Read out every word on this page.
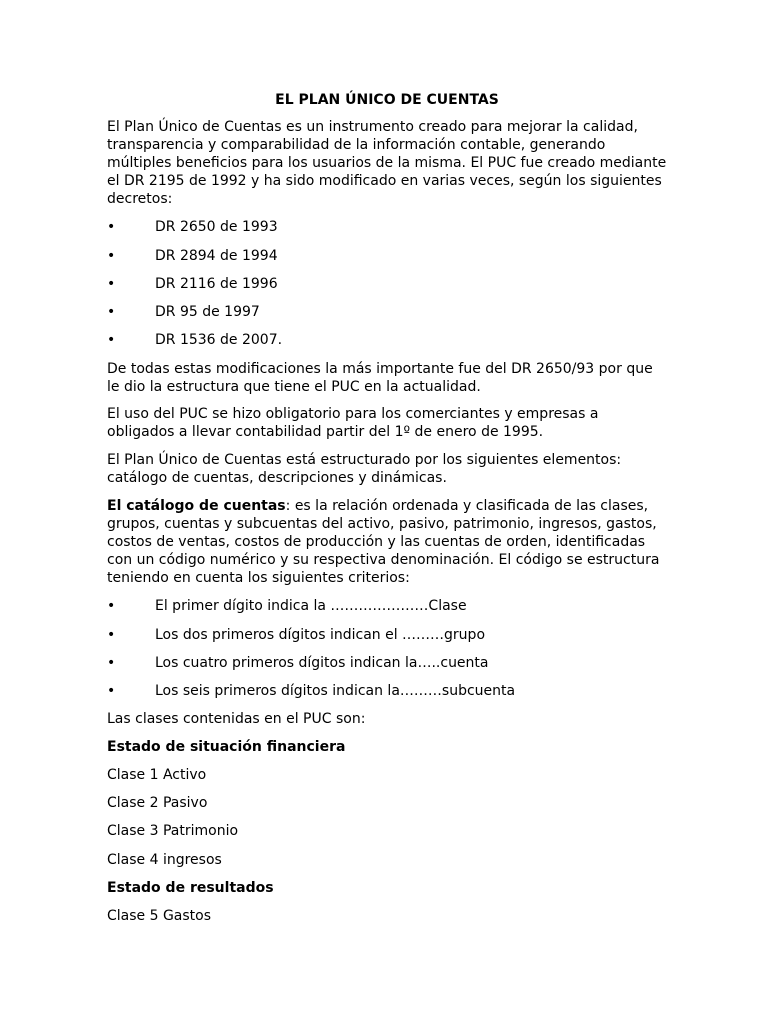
EL PLAN ÚNICO DE CUENTAS

El Plan Único de Cuentas es un instrumento creado para mejorar la calidad, transparencia y comparabilidad de la información contable, generando múltiples beneficios para los usuarios de la misma. El PUC fue creado mediante el DR 2195 de 1992 y ha sido modificado en varias veces, según los siguientes decretos:

•	DR 2650 de 1993
•	DR 2894 de 1994
•	DR 2116 de 1996
•	DR 95 de 1997
•	DR 1536 de 2007.

De todas estas modificaciones la más importante fue del DR 2650/93 por que le dio la estructura que tiene el PUC en la actualidad.

El uso del PUC se hizo obligatorio para los comerciantes y empresas a obligados a llevar contabilidad partir del 1º de enero de 1995.

El Plan Único de Cuentas está estructurado por los siguientes elementos: catálogo de cuentas, descripciones y dinámicas.

El catálogo de cuentas: es la relación ordenada y clasificada de las clases, grupos, cuentas y subcuentas del activo, pasivo, patrimonio, ingresos, gastos, costos de ventas, costos de producción y las cuentas de orden, identificadas con un código numérico y su respectiva denominación. El código se estructura teniendo en cuenta los siguientes criterios:

•	El primer dígito indica la …………………Clase
•	Los dos primeros dígitos indican el ………grupo
•	Los cuatro primeros dígitos indican la…..cuenta
•	Los seis primeros dígitos indican la………subcuenta

Las clases contenidas en el PUC son:

Estado de situación financiera

Clase 1 Activo

Clase 2 Pasivo

Clase 3 Patrimonio

Clase 4 ingresos

Estado de resultados

Clase 5 Gastos
